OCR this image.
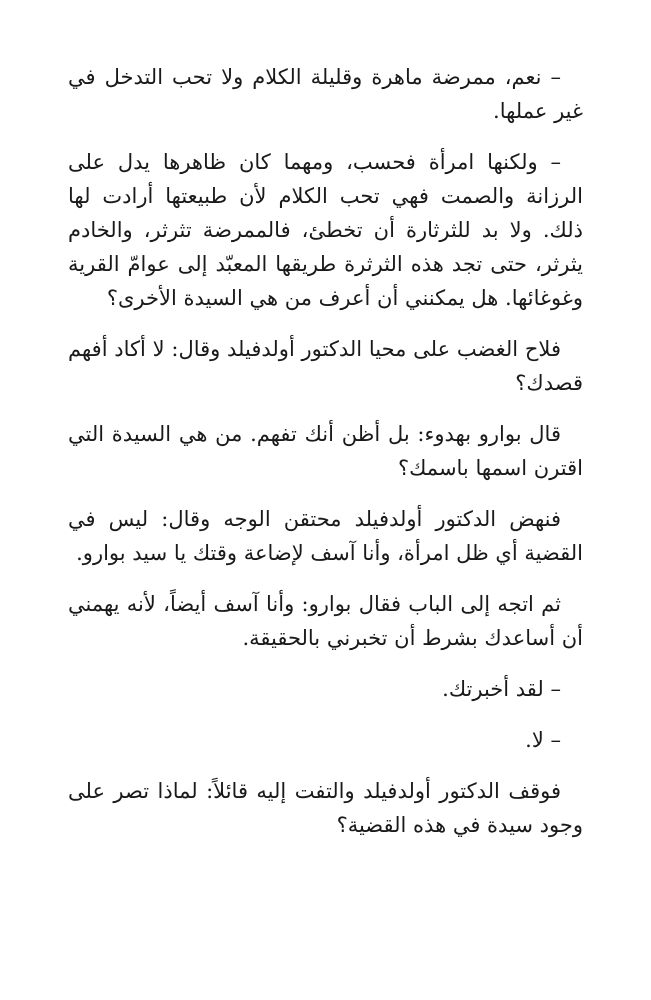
– نعم، ممرضة ماهرة وقليلة الكلام ولا تحب التدخل في غير عملها.

– ولكنها امرأة فحسب، ومهما كان ظاهرها يدل على الرزانة والصمت فهي تحب الكلام لأن طبيعتها أرادت لها ذلك. ولا بد للثرثارة أن تخطئ، فالممرضة تثرثر، والخادم يثرثر، حتى تجد هذه الثرثرة طريقها المعبّد إلى عوامّ القرية وغوغائها. هل يمكنني أن أعرف من هي السيدة الأخرى؟

فلاح الغضب على محيا الدكتور أولدفيلد وقال: لا أكاد أفهم قصدك؟

قال بوارو بهدوء: بل أظن أنك تفهم. من هي السيدة التي اقترن اسمها باسمك؟

فنهض الدكتور أولدفيلد محتقن الوجه وقال: ليس في القضية أي ظل امرأة، وأنا آسف لإضاعة وقتك يا سيد بوارو.

ثم اتجه إلى الباب فقال بوارو: وأنا آسف أيضاً، لأنه يهمني أن أساعدك بشرط أن تخبرني بالحقيقة.

– لقد أخبرتك.

– لا.

فوقف الدكتور أولدفيلد والتفت إليه قائلاً: لماذا تصر على وجود سيدة في هذه القضية؟
